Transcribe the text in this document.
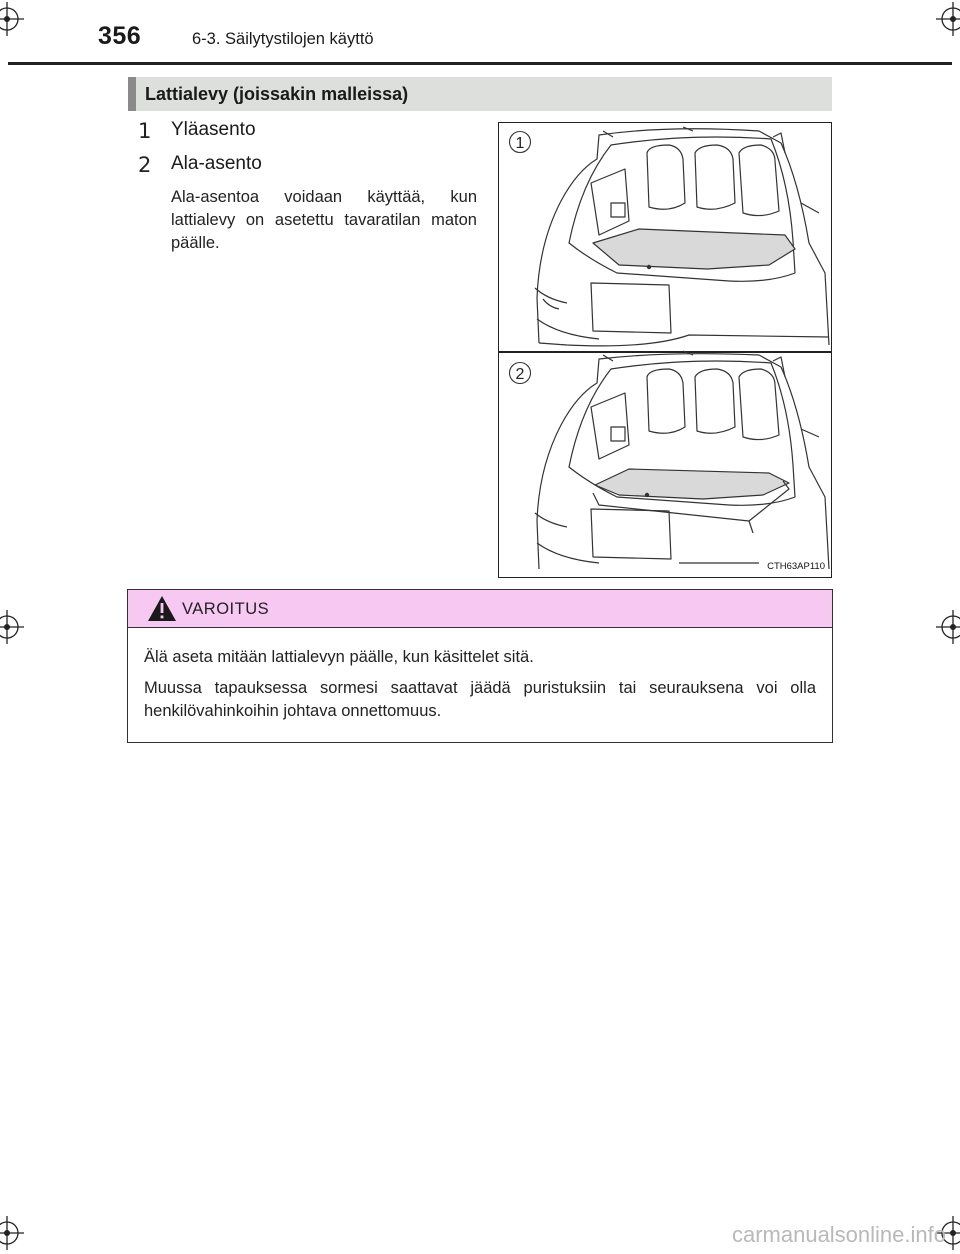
356	6-3. Säilytystilojen käyttö
Lattialevy (joissakin malleissa)
1	Yläasento
2	Ala-asento
Ala-asentoa voidaan käyttää, kun lattialevy on asetettu tavaratilan maton päälle.
1
2
CTH63AP110
VAROITUS
Älä aseta mitään lattialevyn päälle, kun käsittelet sitä.
Muussa tapauksessa sormesi saattavat jäädä puristuksiin tai seurauksena voi olla henkilövahinkoihin johtava onnettomuus.
carmanualsonline.info
